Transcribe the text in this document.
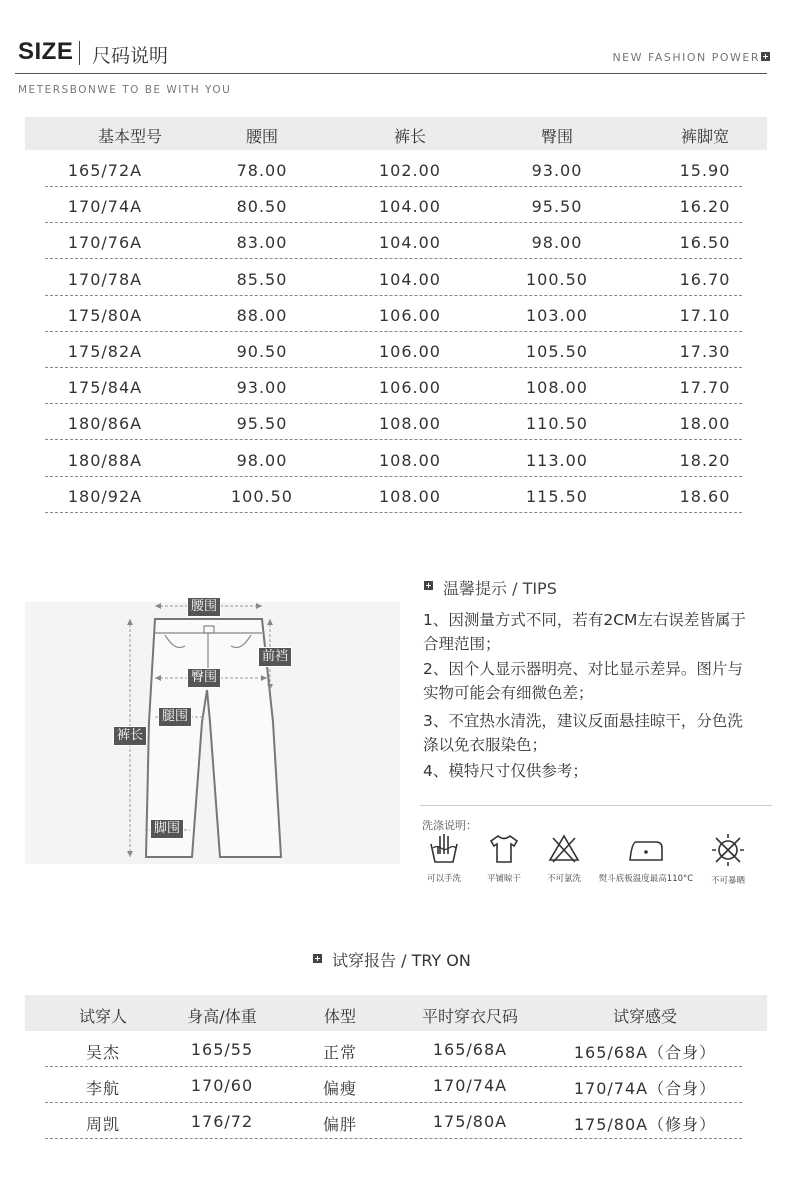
SIZE 尺码说明	NEW FASHION POWER
METERSBONWE TO BE WITH YOU
基本型号	腰围	裤长	臀围	裤脚宽
165/72A	78.00	102.00	93.00	15.90
170/74A	80.50	104.00	95.50	16.20
170/76A	83.00	104.00	98.00	16.50
170/78A	85.50	104.00	100.50	16.70
175/80A	88.00	106.00	103.00	17.10
175/82A	90.50	106.00	105.50	17.30
175/84A	93.00	106.00	108.00	17.70
180/86A	95.50	108.00	110.50	18.00
180/88A	98.00	108.00	113.00	18.20
180/92A	100.50	108.00	115.50	18.60
腰围
臀围
前裆
腿围
裤长
脚围
温馨提示 / TIPS
1、因测量方式不同，若有2CM左右误差皆属于合理范围；
2、因个人显示器明亮、对比显示差异。图片与实物可能会有细微色差；
3、不宜热水清洗，建议反面悬挂晾干，分色洗涤以免衣服染色；
4、模特尺寸仅供参考；
洗涤说明：
可以手洗	平铺晾干	不可氯洗	熨斗底板温度最高110°C	不可暴晒
试穿报告 / TRY ON
试穿人	身高/体重	体型	平时穿衣尺码	试穿感受
吴杰	165/55	正常	165/68A	165/68A（合身）
李航	170/60	偏瘦	170/74A	170/74A（合身）
周凯	176/72	偏胖	175/80A	175/80A（修身）
